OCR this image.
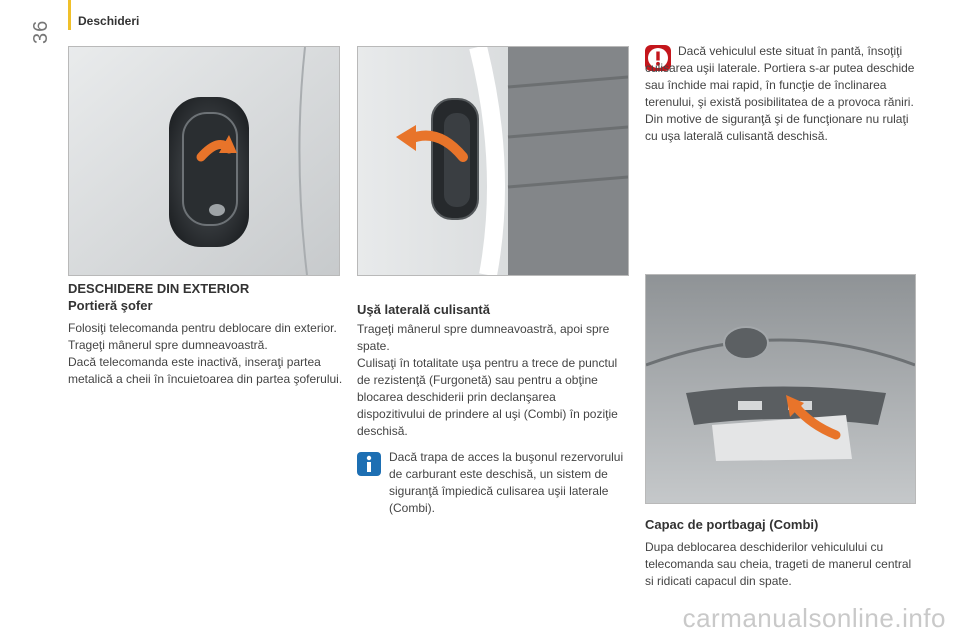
36 Deschideri
DESCHIDERE DIN EXTERIOR
Portieră şofer

Folosiţi telecomanda pentru deblocare din exterior.

Trageţi mânerul spre dumneavoastră.

Dacă telecomanda este inactivă, inseraţi partea metalică a cheii în încuietoarea din partea şoferului.

Uşă laterală culisantă

Trageţi mânerul spre dumneavoastră, apoi spre spate.

Culisaţi în totalitate uşa pentru a trece de punctul de rezistenţă (Furgonetă) sau pentru a obţine blocarea deschiderii prin declanşarea dispozitivului de prindere al uşi (Combi) în poziţie deschisă.

Dacă trapa de acces la buşonul rezervorului de carburant este deschisă, un sistem de siguranţă împiedică culisarea uşii laterale (Combi).

Dacă vehiculul este situat în pantă, însoţiţi culisarea uşii laterale. Portiera s-ar putea deschide sau închide mai rapid, în funcţie de înclinarea terenului, şi există posibilitatea de a provoca răniri.

Din motive de siguranţă şi de funcţionare nu rulaţi cu uşa laterală culisantă deschisă.

Capac de portbagaj (Combi)

Dupa deblocarea deschiderilor vehiculului cu telecomanda sau cheia, trageti de manerul central si ridicati capacul din spate.

carmanualsonline.info
